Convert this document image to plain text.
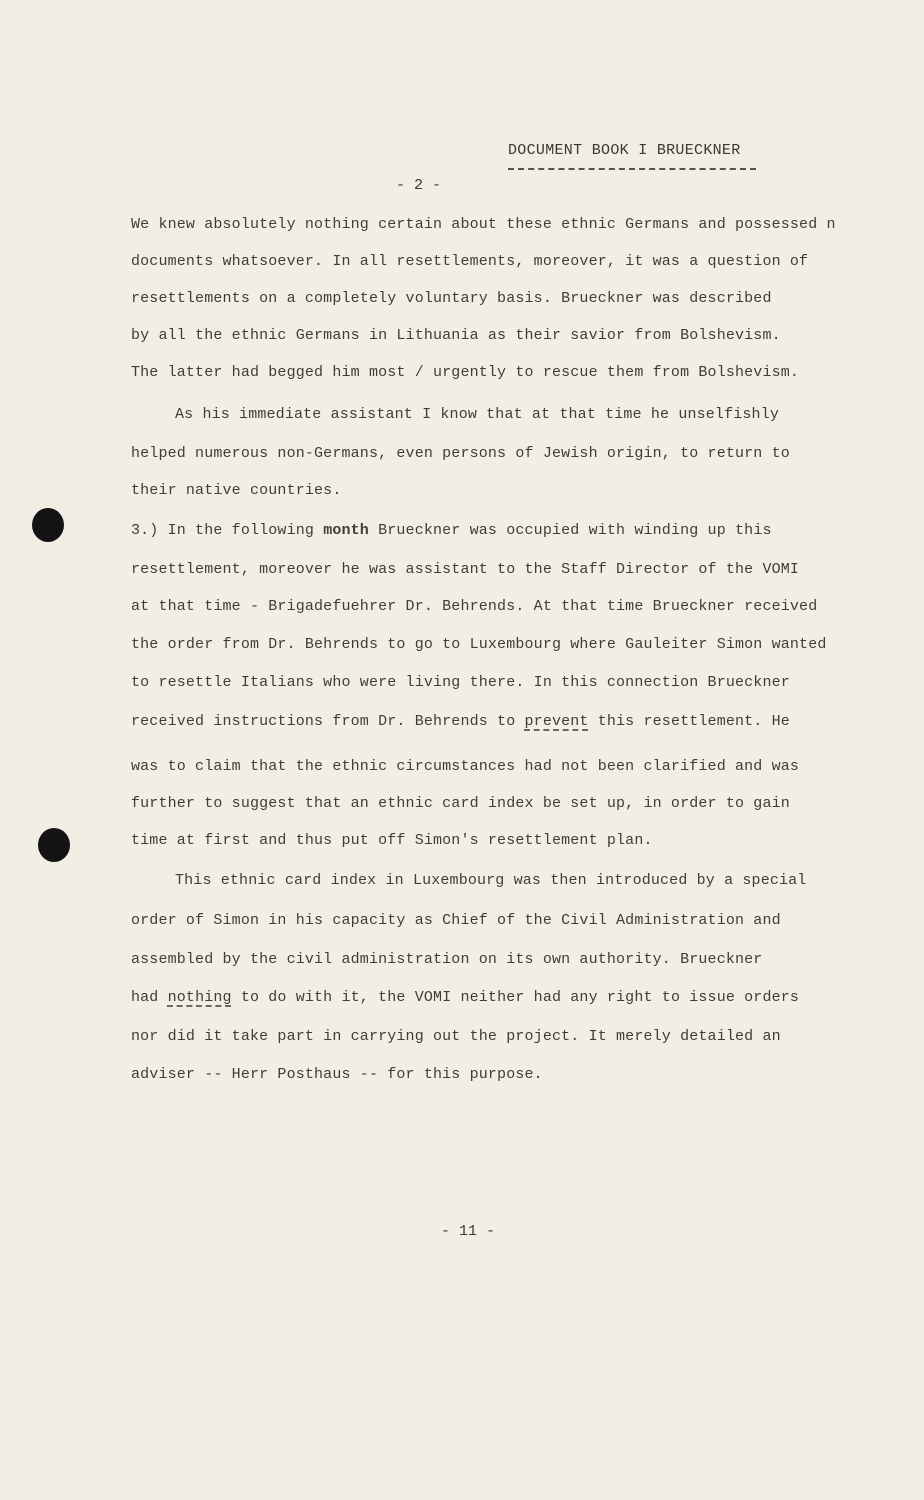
DOCUMENT BOOK I BRUECKNER
- 2 -
We knew absolutely nothing certain about these ethnic Germans and possessed n
documents whatsoever. In all resettlements, moreover, it was a question of
resettlements on a completely voluntary basis. Brueckner was described
by all the ethnic Germans in Lithuania as their savior from Bolshevism.
The latter had begged him most / urgently to rescue them from Bolshevism.
As his immediate assistant I know that at that time he unselfishly
helped numerous non-Germans, even persons of Jewish origin, to return to
their native countries.
3.) In the following month Brueckner was occupied with winding up this
resettlement, moreover he was assistant to the Staff Director of the VOMI
at that time - Brigadefuehrer Dr. Behrends. At that time Brueckner received
the order from Dr. Behrends to go to Luxembourg where Gauleiter Simon wanted
to resettle Italians who were living there. In this connection Brueckner
received instructions from Dr. Behrends to prevent this resettlement. He
was to claim that the ethnic circumstances had not been clarified and was
further to suggest that an ethnic card index be set up, in order to gain
time at first and thus put off Simon's resettlement plan.
This ethnic card index in Luxembourg was then introduced by a special
order of Simon in his capacity as Chief of the Civil Administration and
assembled by the civil administration on its own authority. Brueckner
had nothing to do with it, the VOMI neither had any right to issue orders
nor did it take part in carrying out the project. It merely detailed an
adviser -- Herr Posthaus -- for this purpose.
- 11 -
